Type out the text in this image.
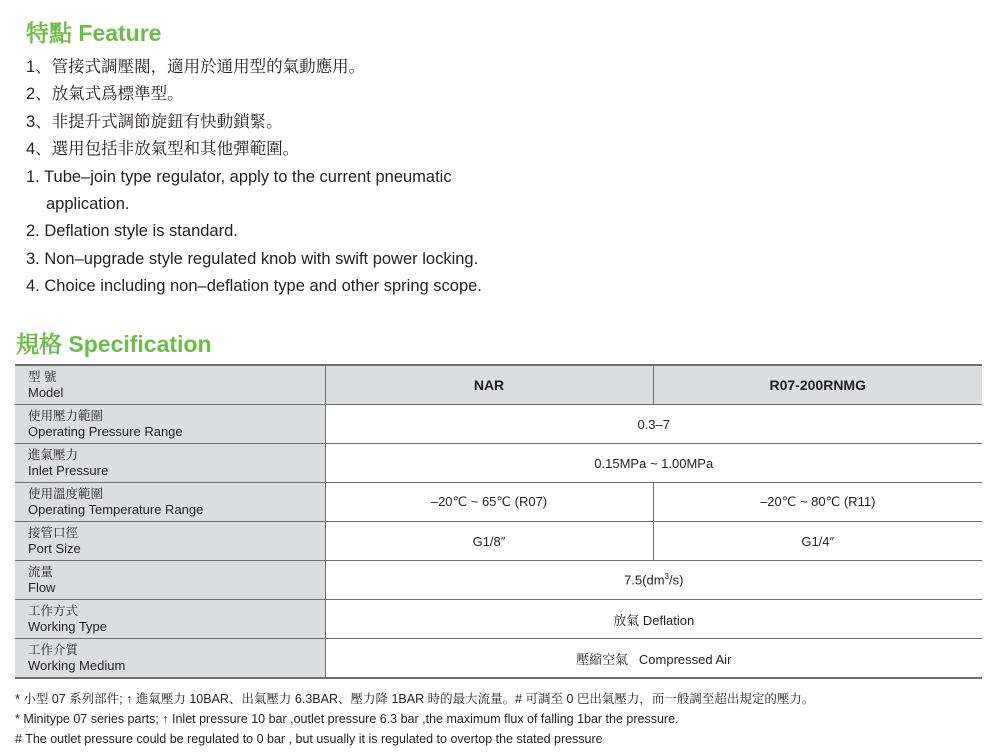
特點 Feature
1、管接式調壓閥，適用於通用型的氣動應用。
2、放氣式爲標準型。
3、非提升式調節旋鈕有快動鎖緊。
4、選用包括非放氣型和其他彈範圍。
1. Tube–join type regulator, apply to the current pneumatic
application.
2. Deflation style is standard.
3. Non–upgrade style regulated knob with swift power locking.
4. Choice including non–deflation type and other spring scope.
規格 Specification
型 號
Model	NAR	R07-200RNMG

使用壓力範圍
Operating Pressure Range	0.3–7	

進氣壓力
Inlet Pressure	0.15MPa ~ 1.00MPa	

使用溫度範圍
Operating Temperature Range	–20℃ ~ 65℃ (R07)	–20℃ ~ 80℃ (R11)

接管口徑
Port Size	G1/8″	G1/4″

流量
Flow	$7.5(dm^3/s)$	

工作方式
Working Type	放氣 Deflation	

工作介質
Working Medium	壓縮空氣   Compressed Air	
* 小型 07 系列部件; ↑ 進氣壓力 10BAR、出氣壓力 6.3BAR、壓力降 1BAR 時的最大流量。# 可調至 0 巴出氣壓力，而一般調至超出規定的壓力。
* Minitype 07 series parts; ↑ Inlet pressure 10 bar ,outlet pressure 6.3 bar ,the maximum flux of falling 1bar the pressure.
# The outlet pressure could be regulated to 0 bar , but usually it is regulated to overtop the stated pressure
